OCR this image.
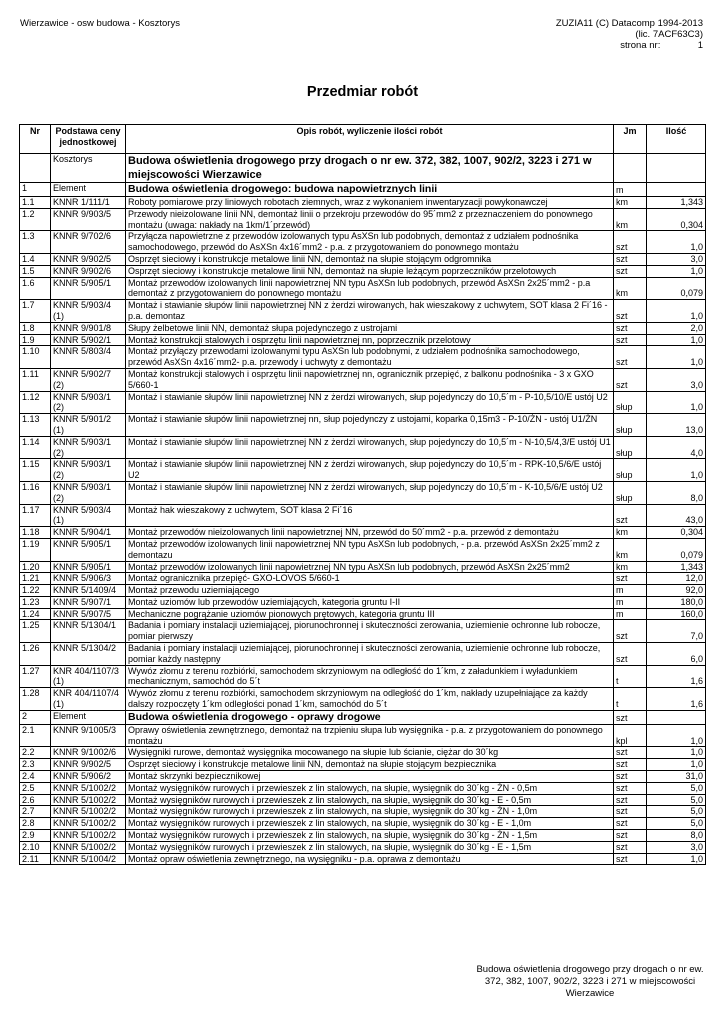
Wierzawice - osw budowa - Kosztorys	ZUZIA11 (C) Datacomp 1994-2013
(lic. 7ACF63C3)
strona nr:	1
Przedmiar robót
Nr	Podstawa ceny jednostkowej	Opis robót, wyliczenie ilości robót	Jm	Ilość
	Kosztorys	Budowa oświetlenia drogowego przy drogach o nr ew. 372, 382, 1007, 902/2, 3223 i 271 w miejscowości Wierzawice		
1	Element	Budowa oświetlenia drogowego: budowa napowietrznych linii	m	
1.1	KNNR 1/111/1	Roboty pomiarowe przy liniowych robotach ziemnych, wraz z wykonaniem inwentaryzacji powykonawczej	km	1,343
1.2	KNNR 9/903/5	Przewody nieizolowane linii NN, demontaż linii o przekroju przewodów do 95´mm2 z przeznaczeniem do ponownego montażu (uwaga: nakłady na 1km/1´przewód)	km	0,304
1.3	KNNR 9/702/6	Przyłącza napowietrzne z przewodów izolowanych typu AsXSn lub podobnych, demontaż z udziałem podnośnika samochodowego, przewód do AsXSn 4x16´mm2 - p.a. z przygotowaniem do ponownego montażu	szt	1,0
1.4	KNNR 9/902/5	Osprzęt sieciowy i konstrukcje metalowe linii NN, demontaż na słupie stojącym odgromnika	szt	3,0
1.5	KNNR 9/902/6	Osprzęt sieciowy i konstrukcje metalowe linii NN, demontaż na słupie leżącym poprzeczników przelotowych	szt	1,0
1.6	KNNR 5/905/1	Montaż przewodów izolowanych linii napowietrznej NN typu AsXSn lub podobnych, przewód AsXSn 2x25´mm2 - p.a demontaż z przygotowaniem do ponownego montażu	km	0,079
1.7	KNNR 5/903/4 (1)	Montaż i stawianie słupów linii napowietrznej NN z żerdzi wirowanych, hak wieszakowy z uchwytem, SOT klasa 2 Fi´16 - p.a. demontaz	szt	1,0
1.8	KNNR 9/901/8	Słupy żelbetowe linii NN, demontaż słupa pojedynczego z ustrojami	szt	2,0
1.9	KNNR 5/902/1	Montaż konstrukcji stalowych i osprzętu linii napowietrznej nn, poprzecznik przelotowy	szt	1,0
1.10	KNNR 5/803/4	Montaż przyłączy przewodami izolowanymi typu AsXSn lub podobnymi, z udziałem podnośnika samochodowego, przewód AsXSn 4x16´mm2- p.a. przewody i uchwyty z demontażu	szt	1,0
1.11	KNNR 5/902/7 (2)	Montaż konstrukcji stalowych i osprzętu linii napowietrznej nn, ogranicznik przepięć, z balkonu podnośnika - 3 x GXO 5/660-1	szt	3,0
1.12	KNNR 5/903/1 (2)	Montaż i stawianie słupów linii napowietrznej NN z żerdzi wirowanych, słup pojedynczy do 10,5´m - P-10,5/10/E ustój U2	słup	1,0
1.13	KNNR 5/901/2 (1)	Montaż i stawianie słupów linii napowietrznej nn, słup pojedynczy z ustojami, koparka 0,15m3 - P-10/ŻN - ustój U1/ŻN	słup	13,0
1.14	KNNR 5/903/1 (2)	Montaż i stawianie słupów linii napowietrznej NN z żerdzi wirowanych, słup pojedynczy do 10,5´m - N-10,5/4,3/E ustój U1	słup	4,0
1.15	KNNR 5/903/1 (2)	Montaż i stawianie słupów linii napowietrznej NN z żerdzi wirowanych, słup pojedynczy do 10,5´m - RPK-10,5/6/E ustój U2	słup	1,0
1.16	KNNR 5/903/1 (2)	Montaż i stawianie słupów linii napowietrznej NN z żerdzi wirowanych, słup pojedynczy do 10,5´m - K-10,5/6/E ustój U2	słup	8,0
1.17	KNNR 5/903/4 (1)	Montaż hak wieszakowy z uchwytem, SOT klasa 2 Fi´16	szt	43,0
1.18	KNNR 5/904/1	Montaż przewodów nieizolowanych linii napowietrznej NN, przewód do 50´mm2 - p.a. przewód z demontażu	km	0,304
1.19	KNNR 5/905/1	Montaż przewodów izolowanych linii napowietrznej NN typu AsXSn lub podobnych, - p.a. przewód AsXSn 2x25´mm2 z demontazu	km	0,079
1.20	KNNR 5/905/1	Montaż przewodów izolowanych linii napowietrznej NN typu AsXSn lub podobnych, przewód AsXSn 2x25´mm2	km	1,343
1.21	KNNR 5/906/3	Montaż ogranicznika przepięć- GXO-LOVOS 5/660-1	szt	12,0
1.22	KNNR 5/1409/4	Montaż przewodu uziemiającego	m	92,0
1.23	KNNR 5/907/1	Montaż uziomów lub przewodów uziemiających, kategoria gruntu I-II	m	180,0
1.24	KNNR 5/907/5	Mechaniczne pogrążanie uziomów pionowych prętowych, kategoria gruntu III	m	160,0
1.25	KNNR 5/1304/1	Badania i pomiary instalacji uziemiającej, piorunochronnej i skuteczności zerowania, uziemienie ochronne lub robocze, pomiar pierwszy	szt	7,0
1.26	KNNR 5/1304/2	Badania i pomiary instalacji uziemiającej, piorunochronnej i skuteczności zerowania, uziemienie ochronne lub robocze, pomiar każdy następny	szt	6,0
1.27	KNR 404/1107/3 (1)	Wywóz złomu z terenu rozbiórki, samochodem skrzyniowym na odległość do 1´km, z załadunkiem i wyładunkiem mechanicznym, samochód do 5´t	t	1,6
1.28	KNR 404/1107/4 (1)	Wywóz złomu z terenu rozbiórki, samochodem skrzyniowym na odległość do 1´km, nakłady uzupełniające za każdy dalszy rozpoczęty 1´km odległości ponad 1´km, samochód do 5´t	t	1,6
2	Element	Budowa oświetlenia drogowego - oprawy drogowe	szt	
2.1	KNNR 9/1005/3	Oprawy oświetlenia zewnętrznego, demontaż na trzpieniu słupa lub wysięgnika - p.a. z przygotowaniem do ponownego montażu	kpl	1,0
2.2	KNNR 9/1002/6	Wysięgniki rurowe, demontaż wysięgnika mocowanego na słupie lub ścianie, ciężar do 30´kg	szt	1,0
2.3	KNNR 9/902/5	Osprzęt sieciowy i konstrukcje metalowe linii NN, demontaż na słupie stojącym bezpiecznika	szt	1,0
2.4	KNNR 5/906/2	Montaż skrzynki bezpiecznikowej	szt	31,0
2.5	KNNR 5/1002/2	Montaż wysięgników rurowych i przewieszek z lin stalowych, na słupie, wysięgnik do 30´kg - ŻN - 0,5m	szt	5,0
2.6	KNNR 5/1002/2	Montaż wysięgników rurowych i przewieszek z lin stalowych, na słupie, wysięgnik do 30´kg - E - 0,5m	szt	5,0
2.7	KNNR 5/1002/2	Montaż wysięgników rurowych i przewieszek z lin stalowych, na słupie, wysięgnik do 30´kg - ŻN - 1,0m	szt	5,0
2.8	KNNR 5/1002/2	Montaż wysięgników rurowych i przewieszek z lin stalowych, na słupie, wysięgnik do 30´kg - E - 1,0m	szt	5,0
2.9	KNNR 5/1002/2	Montaż wysięgników rurowych i przewieszek z lin stalowych, na słupie, wysięgnik do 30´kg - ŻN - 1,5m	szt	8,0
2.10	KNNR 5/1002/2	Montaż wysięgników rurowych i przewieszek z lin stalowych, na słupie, wysięgnik do 30´kg - E - 1,5m	szt	3,0
2.11	KNNR 5/1004/2	Montaż opraw oświetlenia zewnętrznego, na wysięgniku - p.a. oprawa z demontażu	szt	1,0
Budowa oświetlenia drogowego przy drogach o nr ew. 372, 382, 1007, 902/2, 3223 i 271 w miejscowości Wierzawice
